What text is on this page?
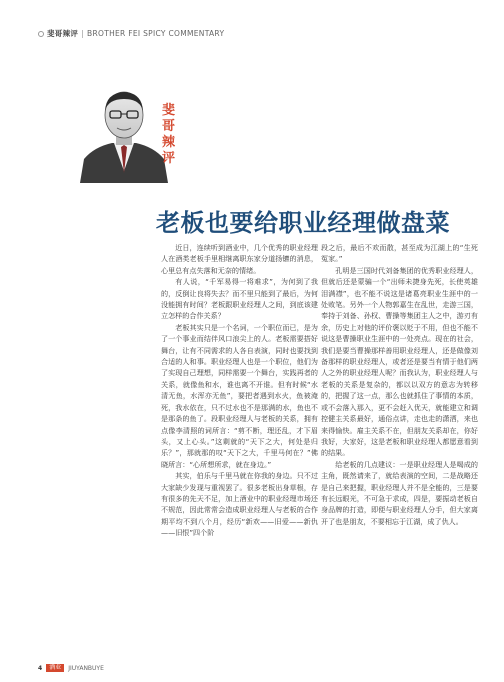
斐哥辣评 | BROTHER FEI SPICY COMMENTARY
斐哥辣评
老板也要给职业经理做盘菜

近日，连续听到酒业中，几个优秀的职业经理人在酒类老板手里相继离职东家分道扬镳的消息，心里总有点失落和无奈的情绪。

有人说，“千军易得一将难求”，为何到了我的，反倒让良将失去？而不里只能到了最后，为何没能拥有时间？老板跟职业经理人之间，到底该建立怎样的合作关系？

老板其实只是一个名词，一个职位而已，是为了一个事业而结伴风口浪尖上的人。老板需要搭好舞台，让有不同需求的人各自表演，同时也要找到合适的人和事。职业经理人也是一个职位，他们为了实现自己理想，同样需要一个舞台，实践再者的关系，就像鱼和水，谁也离不开谁。但有时候“水清无鱼，水浑亦无鱼”，要把者遇到水火，鱼被淹死，我水依在，只不过水也不是那满的水，鱼也不是那条的鱼了。段职业经理人与老板的关系，拥有点像李清照的词所言：“剪不断，理还乱，才下眉头，又上心头。”这剩就的“天下之大，何处是归乐？”，那就那的叹“天下之大，千里马何在？”佛晓所言：“心所想所求，就在身边。”

其实，伯乐与千里马就在你我的身边。只不过大家缺少发现与重视罢了。很多老板出身草根，存有很多的先天不足，加上酒业中的职业经理市场还不规范，因此常常会造成职业经理人与老板的合作期平均不到八个月，经历“新欢——旧爱——新仇——旧恨”四个阶

段之后，最后不欢而散，甚至成为江湖上的“生死冤家。”

孔明是三国时代刘备集团的优秀职业经理人，但就后还是蒙骗一个“出师未捷身先死，长使英雄泪满襟”，也不能不说这是诸葛亮职业生涯中的一处败笔。另外一个人物郭嘉生在乱世，走游三国，奉持于刘备、孙权、曹操等集团主人之中，游刃有余，历史上对他的评价褒以贬于不用，但也不能不说这是曹操职业生涯中的一处亮点。现在的社会，我们是要当曹操那样善用职业经理人，还是做像刘备那样的职业经理人，或者还是要当有情于他们两人之外的职业经理人呢？而我认为，职业经理人与老板的关系是复杂的，都以以双方的意志为转移的，把握了这一点，那么也就抓住了事情的本质，或不会落入那入，更不会赶入优天，就能建立和调控健主关系最好，通俗点讲，走也走的潇洒，来也来得愉快。雇主关系不在，但朋友关系却在，你好我好，大家好，这是老板和职业经理人都愿意看到的结果。

给老板的几点建议：一是职业经理人是喝成的主角，既然请来了，就给表演的空间，二是战略还是自己来把握，职业经理人并不是全能的，三是要有长远眼光，不可急于求成，四是，要振动老板自身品牌的打造，即便与职业经理人分手，但大家离开了也是朋友，不要相忘于江湖，成了仇人。

4	酒业	JIUYANBUYE
